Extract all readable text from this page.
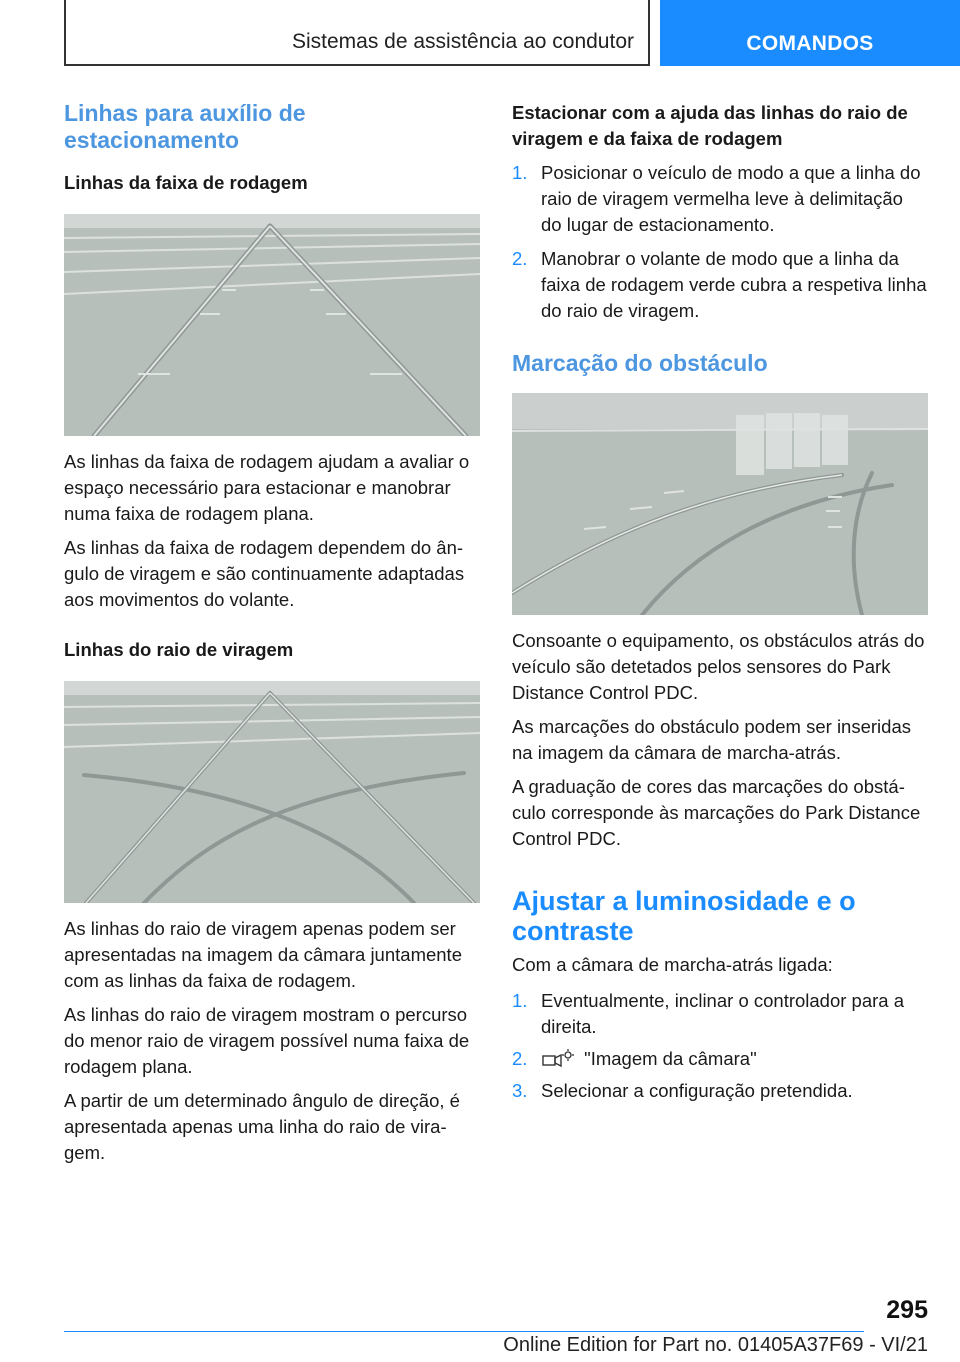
Sistemas de assistência ao condutor	COMANDOS
Linhas para auxílio de estacionamento
Linhas da faixa de rodagem

As linhas da faixa de rodagem ajudam a avaliar o espaço necessário para estacionar e manobrar numa faixa de rodagem plana.

As linhas da faixa de rodagem dependem do ângulo de viragem e são continuamente adaptadas aos movimentos do volante.

Linhas do raio de viragem

As linhas do raio de viragem apenas podem ser apresentadas na imagem da câmara juntamente com as linhas da faixa de rodagem.

As linhas do raio de viragem mostram o percurso do menor raio de viragem possível numa faixa de rodagem plana.

A partir de um determinado ângulo de direção, é apresentada apenas uma linha do raio de viragem.

Estacionar com a ajuda das linhas do raio de viragem e da faixa de rodagem
1. Posicionar o veículo de modo a que a linha do raio de viragem vermelha leve à delimitação do lugar de estacionamento.
2. Manobrar o volante de modo que a linha da faixa de rodagem verde cubra a respetiva linha do raio de viragem.
Marcação do obstáculo

Consoante o equipamento, os obstáculos atrás do veículo são detetados pelos sensores do Park Distance Control PDC.

As marcações do obstáculo podem ser inseridas na imagem da câmara de marcha-atrás.

A graduação de cores das marcações do obstáculo corresponde às marcações do Park Distance Control PDC.

Ajustar a luminosidade e o contraste

Com a câmara de marcha-atrás ligada:

1. Eventualmente, inclinar o controlador para a direita.
2.	"Imagem da câmara"
3. Selecionar a configuração pretendida.
295
Online Edition for Part no. 01405A37F69 - VI/21
